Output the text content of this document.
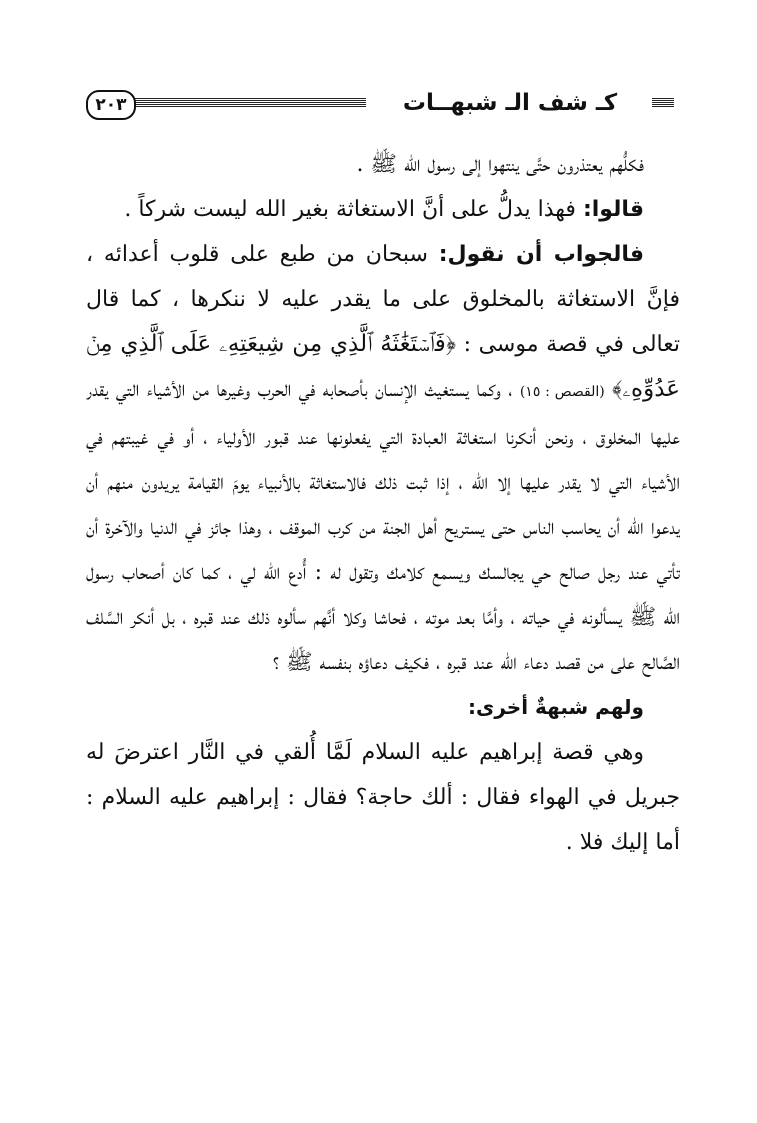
٢٠٣	كـ شف الـ شبهــات

فكلُّهم يعتذرون حتَّى ينتهوا إلى رسول الله ﷺ .

قالوا: فهذا يدلُّ على أنَّ الاستغاثة بغير الله ليست شركاً .

فالجواب أن نقول: سبحان من طبع على قلوب أعدائه ، فإنَّ الاستغاثة بالمخلوق على ما يقدر عليه لا ننكرها ، كما قال تعالى في قصة موسى : ﴿فَٱسۡتَغَٰثَهُ ٱلَّذِي مِن شِيعَتِهِۦ عَلَى ٱلَّذِي مِنۡ عَدُوِّهِۦ﴾ (القصص : ١٥) ، وكما يستغيث الإنسان بأصحابه في الحرب وغيرها من الأشياء التي يقدر عليها المخلوق ، ونحن أنكرنا استغاثة العبادة التي يفعلونها عند قبور الأولياء ، أو في غيبتهم في الأشياء التي لا يقدر عليها إلا الله ، إذا ثبت ذلك فالاستغاثة بالأنبياء يومَ القيامة يريدون منهم أن يدعوا الله أن يحاسب الناس حتى يستريح أهل الجنة من كرب الموقف ، وهذا جائز في الدنيا والآخرة أن تأتي عند رجل صالح حي يجالسك ويسمع كلامك وتقول له : أُدع الله لي ، كما كان أصحاب رسول الله ﷺ يسألونه في حياته ، وأمَّا بعد موته ، فحاشا وكلا أنَّهم سألوه ذلك عند قبره ، بل أنكر السَّلف الصَّالح على من قصد دعاء الله عند قبره ، فكيف دعاؤه بنفسه ﷺ ؟

ولهم شبهةٌ أخرى:

وهي قصة إبراهيم عليه السلام لَمَّا أُلقي في النَّار اعترضَ له جبريل في الهواء فقال : ألك حاجة؟ فقال : إبراهيم عليه السلام : أما إليك فلا .
